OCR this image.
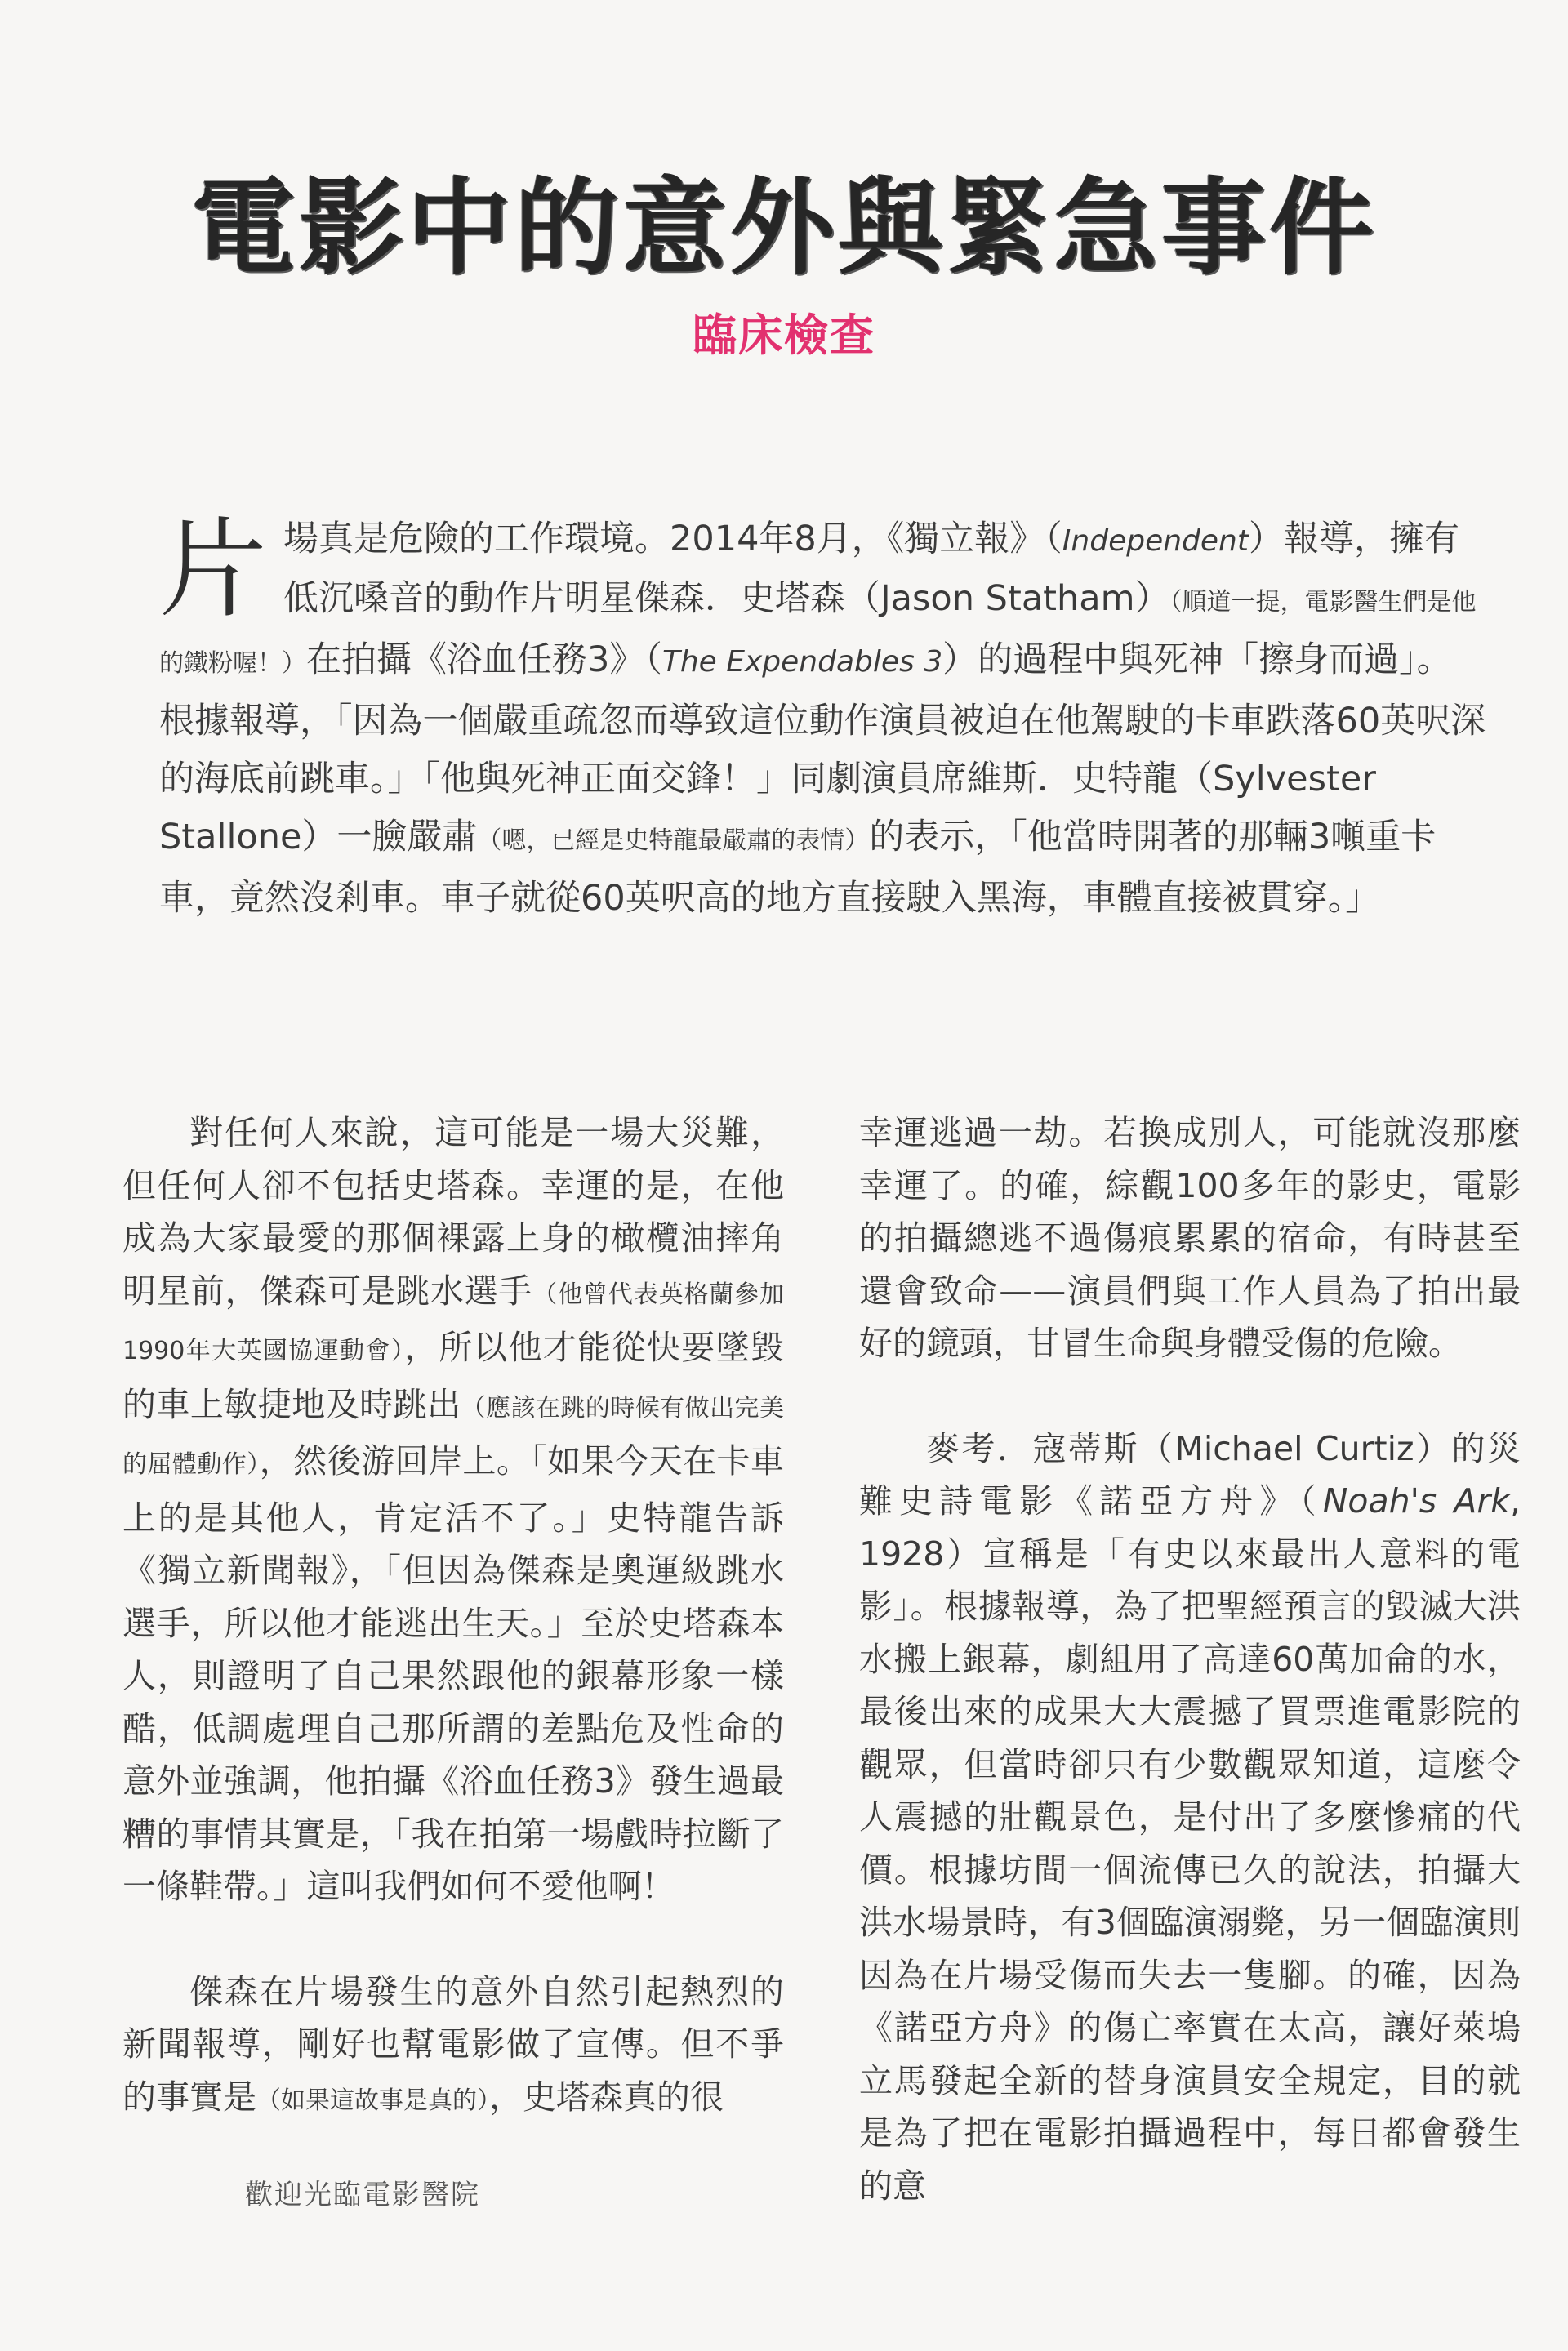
電影中的意外與緊急事件
臨床檢查
片場真是危險的工作環境。2014年8月，《獨立報》（Independent）報導，擁有低沉嗓音的動作片明星傑森．史塔森（Jason Statham）（順道一提，電影醫生們是他的鐵粉喔！）在拍攝《浴血任務3》（The Expendables 3）的過程中與死神「擦身而過」。根據報導，「因為一個嚴重疏忽而導致這位動作演員被迫在他駕駛的卡車跌落60英呎深的海底前跳車。」「他與死神正面交鋒！」同劇演員席維斯．史特龍（Sylvester Stallone）一臉嚴肅（嗯，已經是史特龍最嚴肅的表情）的表示，「他當時開著的那輛3噸重卡車，竟然沒剎車。車子就從60英呎高的地方直接駛入黑海，車體直接被貫穿。」

對任何人來說，這可能是一場大災難，但任何人卻不包括史塔森。幸運的是，在他成為大家最愛的那個裸露上身的橄欖油摔角明星前，傑森可是跳水選手（他曾代表英格蘭參加1990年大英國協運動會），所以他才能從快要墜毀的車上敏捷地及時跳出（應該在跳的時候有做出完美的屈體動作），然後游回岸上。「如果今天在卡車上的是其他人，肯定活不了。」史特龍告訴《獨立新聞報》，「但因為傑森是奧運級跳水選手，所以他才能逃出生天。」至於史塔森本人，則證明了自己果然跟他的銀幕形象一樣酷，低調處理自己那所謂的差點危及性命的意外並強調，他拍攝《浴血任務3》發生過最糟的事情其實是，「我在拍第一場戲時拉斷了一條鞋帶。」這叫我們如何不愛他啊！

傑森在片場發生的意外自然引起熱烈的新聞報導，剛好也幫電影做了宣傳。但不爭的事實是（如果這故事是真的），史塔森真的很

幸運逃過一劫。若換成別人，可能就沒那麼幸運了。的確，綜觀100多年的影史，電影的拍攝總逃不過傷痕累累的宿命，有時甚至還會致命——演員們與工作人員為了拍出最好的鏡頭，甘冒生命與身體受傷的危險。

麥考．寇蒂斯（Michael Curtiz）的災難史詩電影《諾亞方舟》（Noah's Ark, 1928）宣稱是「有史以來最出人意料的電影」。根據報導，為了把聖經預言的毀滅大洪水搬上銀幕，劇組用了高達60萬加侖的水，最後出來的成果大大震撼了買票進電影院的觀眾，但當時卻只有少數觀眾知道，這麼令人震撼的壯觀景色，是付出了多麼慘痛的代價。根據坊間一個流傳已久的說法，拍攝大洪水場景時，有3個臨演溺斃，另一個臨演則因為在片場受傷而失去一隻腳。的確，因為《諾亞方舟》的傷亡率實在太高，讓好萊塢立馬發起全新的替身演員安全規定，目的就是為了把在電影拍攝過程中，每日都會發生的意

歡迎光臨電影醫院
